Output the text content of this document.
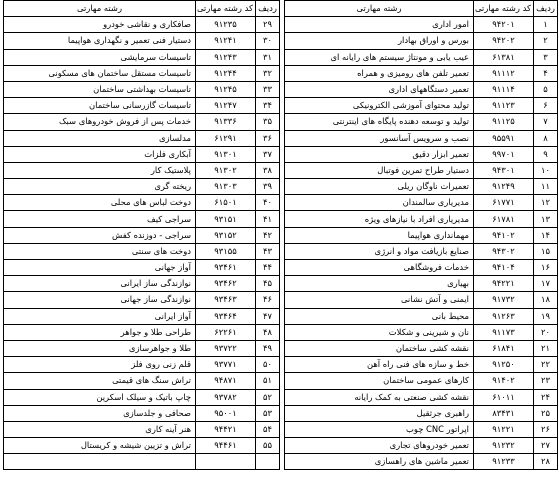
ردیف	کد رشته مهارتی	رشته مهارتی
۱	۹۴۲۰۱	امور اداری
۲	۹۴۲۰۲	بورس و اوراق بهادار
۳	۶۱۳۸۱	عیب یابی و مونتاژ سیستم های رایانه ای
۴	۹۱۱۱۲	تعمیر تلفن های رومیزی و همراه
۵	۹۱۱۱۴	تعمیر دستگاههای اداری
۶	۹۱۱۲۳	تولید محتوای آموزشی الکترونیکی
۷	۹۱۱۲۵	تولید و توسعه دهنده پایگاه های اینترنتی
۸	۹۵۵۹۱	نصب و سرویس آسانسور
۹	۹۹۷۰۱	تعمیر ابزار دقیق
۱۰	۹۴۳۰۱	دستیار طراح تمرین فوتبال
۱۱	۹۱۲۴۹	تعمیرات ناوگان ریلی
۱۲	۶۱۷۷۱	مدیریاری سالمندان
۱۳	۶۱۷۸۱	مدیریاری افراد با نیازهای ویژه
۱۴	۹۴۱۰۲	مهمانداری هواپیما
۱۵	۹۴۳۰۲	صنایع بازیافت مواد و انرژی
۱۶	۹۴۱۰۴	خدمات فروشگاهی
۱۷	۹۴۲۲۱	بهیاری
۱۸	۹۱۷۳۲	ایمنی و آتش نشانی
۱۹	۹۱۲۶۳	محیط بانی
۲۰	۹۱۱۷۳	نان و شیرینی و شکلات
۲۱	۶۱۸۴۱	نقشه کشی ساختمان
۲۲	۹۱۲۵۰	خط و سازه های فنی راه آهن
۲۳	۹۱۴۰۲	کارهای عمومی ساختمان
۲۴	۶۱۰۱۱	نقشه کشی صنعتی به کمک رایانه
۲۵	۸۳۴۳۱	راهبری جرثقیل
۲۶	۹۱۲۲۱	اپراتور CNC چوب
۲۷	۹۱۲۳۲	تعمیر خودروهای تجاری
۲۸	۹۱۲۳۳	تعمیر ماشین های راهسازی
ردیف	کد رشته مهارتی	رشته مهارتی
۲۹	۹۱۲۳۵	صافکاری و نقاشی خودرو
۳۰	۹۱۲۴۱	دستیار فنی تعمیر و نگهداری هواپیما
۳۱	۹۱۲۴۳	تاسیسات سرمایشی
۳۲	۹۱۲۴۴	تاسیسات مستقل ساختمان های مسکونی
۳۳	۹۱۲۴۵	تاسیسات بهداشتی ساختمان
۳۴	۹۱۲۴۷	تاسیسات گازرسانی ساختمان
۳۵	۹۱۳۳۶	خدمات پس از فروش خودروهای سبک
۳۶	۶۱۲۹۱	مدلسازی
۳۷	۹۱۳۰۱	آبکاری فلزات
۳۸	۹۱۳۰۲	پلاستیک کار
۳۹	۹۱۳۰۳	ریخته گری
۴۰	۶۱۵۰۱	دوخت لباس های محلی
۴۱	۹۳۱۵۱	سراجی کیف
۴۲	۹۳۱۵۲	سراجی - دوزنده کفش
۴۳	۹۳۱۵۵	دوخت های سنتی
۴۴	۹۳۴۶۱	آواز جهانی
۴۵	۹۳۴۶۲	نوازندگی ساز ایرانی
۴۶	۹۳۴۶۳	نوازندگی ساز جهانی
۴۷	۹۳۴۶۴	آواز ایرانی
۴۸	۶۲۲۶۱	طراحی طلا و جواهر
۴۹	۹۳۷۲۲	طلا و جواهرسازی
۵۰	۹۳۷۷۱	قلم زنی روی فلز
۵۱	۹۴۸۷۱	تراش سنگ های قیمتی
۵۲	۹۳۷۸۲	چاپ باتیک و سیلک اسکرین
۵۳	۹۵۰۰۱	صحافی و جلدسازی
۵۴	۹۴۴۲۱	هنر آینه کاری
۵۵	۹۴۴۶۱	تراش و تزیین شیشه و کریستال
